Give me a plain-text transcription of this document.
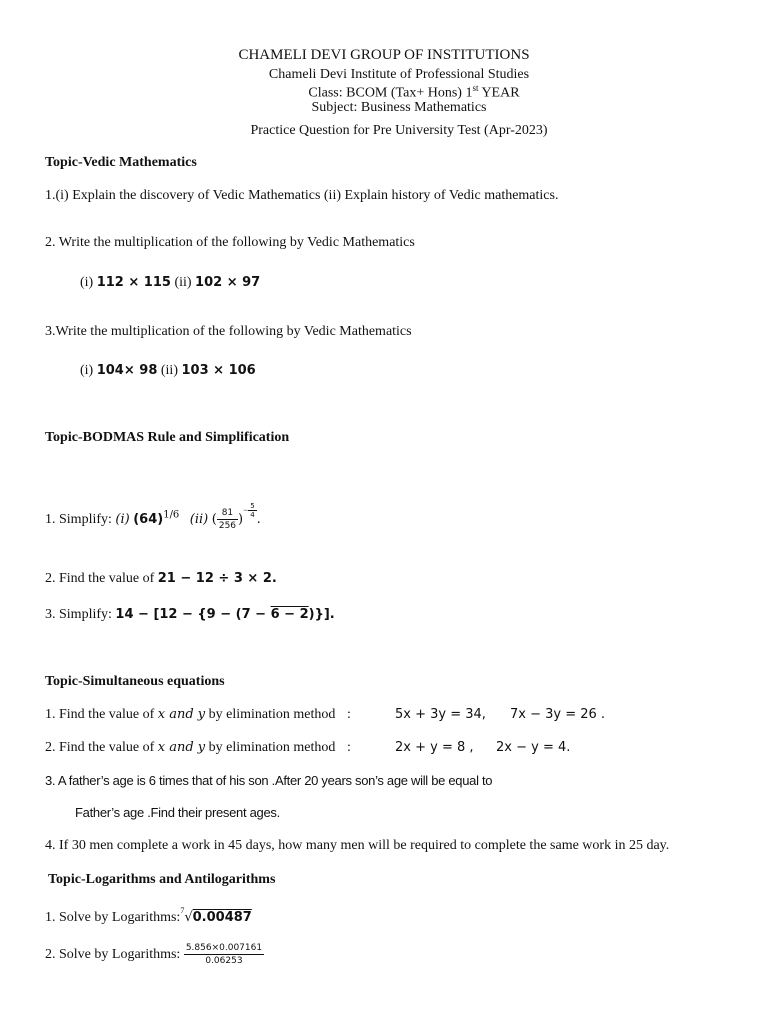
CHAMELI DEVI GROUP OF INSTITUTIONS
Chameli Devi Institute of Professional Studies
Class: BCOM (Tax+ Hons) 1st YEAR
Subject: Business Mathematics
Practice Question for Pre University Test (Apr-2023)
Topic-Vedic Mathematics
1.(i) Explain the discovery of Vedic Mathematics (ii) Explain history of Vedic mathematics.
2. Write the multiplication of the following by Vedic Mathematics
(i) 112 × 115 (ii) 102 × 97
3.Write the multiplication of the following by Vedic Mathematics
(i) 104× 98 (ii) 103 × 106
Topic-BODMAS Rule and Simplification
1. Simplify: (i) $(64)^{1/6}$ (ii) ( $\frac{81}{256} )^{- \frac{5}{4}}$
.
2. Find the value of 21 − 12 ÷ 3 × 2.
3. Simplify: 14 − [12 − {9 − (7 − 6 − 2)}].
Topic-Simultaneous equations
1. Find the value of x and y by elimination method :	5x + 3y = 34, 7x − 3y = 26 .
2. Find the value of x and y by elimination method :	2x + y = 8 , 2x − y = 4.
3. A father’s age is 6 times that of his son .After 20 years son’s age will be equal to
Father’s age .Find their present ages.
4. If 30 men complete a work in 45 days, how many men will be required to complete the same work in 25 day.
Topic-Logarithms and Antilogarithms
1. Solve by Logarithms:$^7$√0.00487
2. Solve by Logarithms: $\frac{5.856\times 0.007161}{0.06253}$
